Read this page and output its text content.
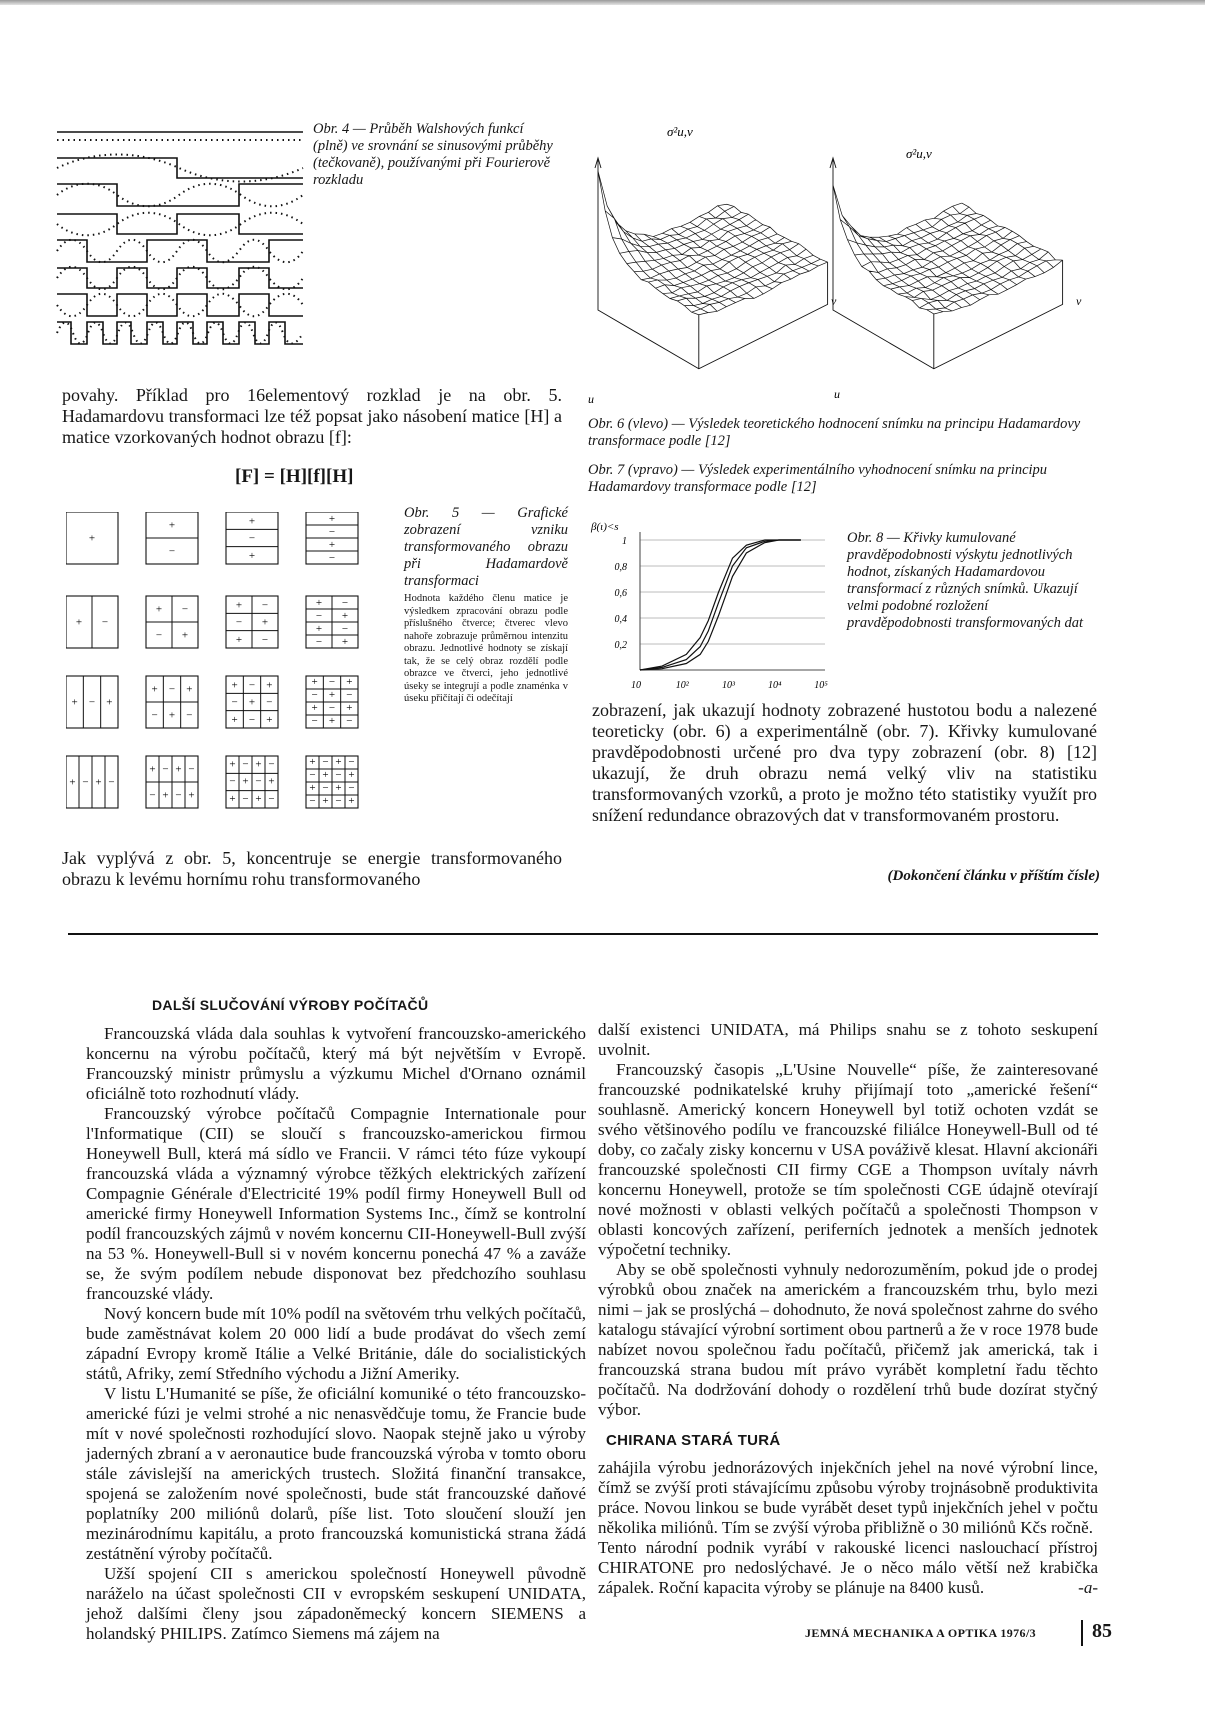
Obr. 4 — Průběh Walshových funkcí (plně) ve srovnání se sinusovými průběhy (tečkovaně), používanými při Fourierově rozkladu
povahy. Příklad pro 16elementový rozklad je na obr. 5. Hadamardovu transformaci lze též popsat jako násobení matice [H] a matice vzorkovaných hodnot obrazu [f]:
[F] = [H][f][H]
+
+
−
+
−
+
+
−
+
−
+ −
+
−
−
+
+
−
+
−
+
−
+
−
+
−
−
+
−
+
+ − +
+
−
−
+
+
−
+
−
+
−
+
−
+
−
+
+
−
+
−
−
+
−
+
+
−
+
−
+ − + −
+
−
−
+
+
−
−
+
+
−
+
−
+
−
+
−
+
−
+
−
+
−
+
−
−
+
−
+
+
−
+
−
−
+
−
+
Obr. 5 — Grafické zobrazení vzniku transformovaného obrazu při Hadamardově transformaci
Hodnota každého členu matice je výsledkem zpracování obrazu podle příslušného čtverce; čtverec vlevo nahoře zobrazuje průměrnou intenzitu obrazu. Jednotlivé hodnoty se získají tak, že se celý obraz rozdělí podle obrazce ve čtverci, jeho jednotlivé úseky se integrují a podle znaménka v úseku přičítají či odečítají
Jak vyplývá z obr. 5, koncentruje se energie transformovaného obrazu k levému hornímu rohu transformovaného
σ²u,v
σ²u,v
v	v
u	u
Obr. 6 (vlevo) — Výsledek teoretického hodnocení snímku na principu Hadamardovy transformace podle [12]
Obr. 7 (vpravo) — Výsledek experimentálního vyhodnocení snímku na principu Hadamardovy transformace podle [12]
β(ι)<s
1
0,8
0,6
0,4
0,2
10	10²	10³	10⁴	10⁵
Obr. 8 — Křivky kumulované pravděpodobnosti výskytu jednotlivých hodnot, získaných Hadamardovou transformací z různých snímků. Ukazují velmi podobné rozložení pravděpodobnosti transformovaných dat
zobrazení, jak ukazují hodnoty zobrazené hustotou bodu a nalezené teoreticky (obr. 6) a experimentálně (obr. 7). Křivky kumulované pravděpodobnosti určené pro dva typy zobrazení (obr. 8) [12] ukazují, že druh obrazu nemá velký vliv na statistiku transformovaných vzorků, a proto je možno této statistiky využít pro snížení redundance obrazových dat v transformovaném prostoru.
(Dokončení článku v příštím čísle)
DALŠÍ SLUČOVÁNÍ VÝROBY POČÍTAČŮ

Francouzská vláda dala souhlas k vytvoření francouzsko-amerického koncernu na výrobu počítačů, který má být největším v Evropě. Francouzský ministr průmyslu a výzkumu Michel d'Ornano oznámil oficiálně toto rozhodnutí vlády.

Francouzský výrobce počítačů Compagnie Internationale pour l'Informatique (CII) se sloučí s francouzsko-americkou firmou Honeywell Bull, která má sídlo ve Francii. V rámci této fúze vykoupí francouzská vláda a významný výrobce těžkých elektrických zařízení Compagnie Générale d'Electricité 19% podíl firmy Honeywell Bull od americké firmy Honeywell Information Systems Inc., čímž se kontrolní podíl francouzských zájmů v novém koncernu CII-Honeywell-Bull zvýší na 53 %. Honeywell-Bull si v novém koncernu ponechá 47 % a zaváže se, že svým podílem nebude disponovat bez předchozího souhlasu francouzské vlády.

Nový koncern bude mít 10% podíl na světovém trhu velkých počítačů, bude zaměstnávat kolem 20 000 lidí a bude prodávat do všech zemí západní Evropy kromě Itálie a Velké Británie, dále do socialistických států, Afriky, zemí Středního východu a Jižní Ameriky.

V listu L'Humanité se píše, že oficiální komuniké o této francouzsko-americké fúzi je velmi strohé a nic nenasvědčuje tomu, že Francie bude mít v nové společnosti rozhodující slovo. Naopak stejně jako u výroby jaderných zbraní a v aeronautice bude francouzská výroba v tomto oboru stále závislejší na amerických trustech. Složitá finanční transakce, spojená se založením nové společnosti, bude stát francouzské daňové poplatníky 200 miliónů dolarů, píše list. Toto sloučení slouží jen mezinárodnímu kapitálu, a proto francouzská komunistická strana žádá zestátnění výroby počítačů.

Užší spojení CII s americkou společností Honeywell původně naráželo na účast společnosti CII v evropském seskupení UNIDATA, jehož dalšími členy jsou západoněmecký koncern SIEMENS a holandský PHILIPS. Zatímco Siemens má zájem na

další existenci UNIDATA, má Philips snahu se z tohoto seskupení uvolnit.

Francouzský časopis „L'Usine Nouvelle“ píše, že zainteresované francouzské podnikatelské kruhy přijímají toto „americké řešení“ souhlasně. Americký koncern Honeywell byl totiž ochoten vzdát se svého většinového podílu ve francouzské filiálce Honeywell-Bull od té doby, co začaly zisky koncernu v USA pováživě klesat. Hlavní akcionáři francouzské společnosti CII firmy CGE a Thompson uvítaly návrh koncernu Honeywell, protože se tím společnosti CGE údajně otevírají nové možnosti v oblasti velkých počítačů a společnosti Thompson v oblasti koncových zařízení, periferních jednotek a menších jednotek výpočetní techniky.

Aby se obě společnosti vyhnuly nedorozuměním, pokud jde o prodej výrobků obou značek na americkém a francouzském trhu, bylo mezi nimi – jak se proslýchá – dohodnuto, že nová společnost zahrne do svého katalogu stávající výrobní sortiment obou partnerů a že v roce 1978 bude nabízet novou společnou řadu počítačů, přičemž jak americká, tak i francouzská strana budou mít právo vyrábět kompletní řadu těchto počítačů. Na dodržování dohody o rozdělení trhů bude dozírat styčný výbor.

CHIRANA STARÁ TURÁ

zahájila výrobu jednorázových injekčních jehel na nové výrobní lince, čímž se zvýší proti stávajícímu způsobu výroby trojnásobně produktivita práce. Novou linkou se bude vyrábět deset typů injekčních jehel v počtu několika miliónů. Tím se zvýší výroba přibližně o 30 miliónů Kčs ročně.

Tento národní podnik vyrábí v rakouské licenci naslouchací přístroj CHIRATONE pro nedoslýchavé. Je o něco málo větší než krabička zápalek. Roční kapacita výroby se plánuje na 8400 kusů.	-a-
JEMNÁ MECHANIKA A OPTIKA 1976/3	85
